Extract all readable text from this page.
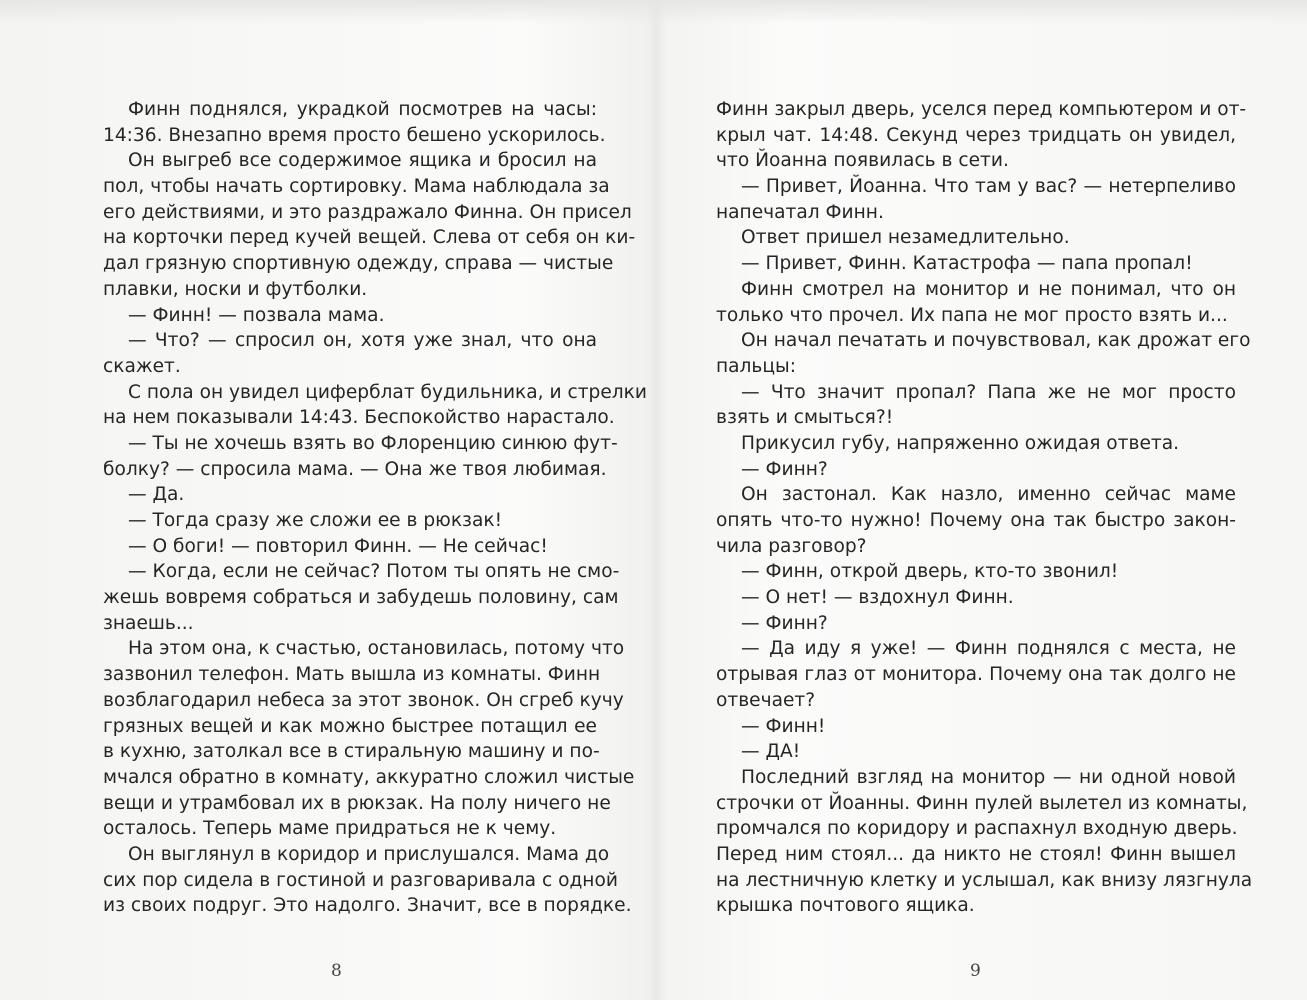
Финн поднялся, украдкой посмотрев на часы:
14:36. Внезапно время просто бешено ускорилось.
Он выгреб все содержимое ящика и бросил на
пол, чтобы начать сортировку. Мама наблюдала за
его действиями, и это раздражало Финна. Он присел
на корточки перед кучей вещей. Слева от себя он ки-
дал грязную спортивную одежду, справа — чистые
плавки, носки и футболки.
— Финн! — позвала мама.
— Что? — спросил он, хотя уже знал, что она
скажет.
С пола он увидел циферблат будильника, и стрелки
на нем показывали 14:43. Беспокойство нарастало.
— Ты не хочешь взять во Флоренцию синюю фут-
болку? — спросила мама. — Она же твоя любимая.
— Да.
— Тогда сразу же сложи ее в рюкзак!
— О боги! — повторил Финн. — Не сейчас!
— Когда, если не сейчас? Потом ты опять не смо-
жешь вовремя собраться и забудешь половину, сам
знаешь...
На этом она, к счастью, остановилась, потому что
зазвонил телефон. Мать вышла из комнаты. Финн
возблагодарил небеса за этот звонок. Он сгреб кучу
грязных вещей и как можно быстрее потащил ее
в кухню, затолкал все в стиральную машину и по-
мчался обратно в комнату, аккуратно сложил чистые
вещи и утрамбовал их в рюкзак. На полу ничего не
осталось. Теперь маме придраться не к чему.
Он выглянул в коридор и прислушался. Мама до
сих пор сидела в гостиной и разговаривала с одной
из своих подруг. Это надолго. Значит, все в порядке.
Финн закрыл дверь, уселся перед компьютером и от-
крыл чат. 14:48. Секунд через тридцать он увидел,
что Йоанна появилась в сети.
— Привет, Йоанна. Что там у вас? — нетерпеливо
напечатал Финн.
Ответ пришел незамедлительно.
— Привет, Финн. Катастрофа — папа пропал!
Финн смотрел на монитор и не понимал, что он
только что прочел. Их папа не мог просто взять и...
Он начал печатать и почувствовал, как дрожат его
пальцы:
— Что значит пропал? Папа же не мог просто
взять и смыться?!
Прикусил губу, напряженно ожидая ответа.
— Финн?
Он застонал. Как назло, именно сейчас маме
опять что-то нужно! Почему она так быстро закон-
чила разговор?
— Финн, открой дверь, кто-то звонил!
— О нет! — вздохнул Финн.
— Финн?
— Да иду я уже! — Финн поднялся с места, не
отрывая глаз от монитора. Почему она так долго не
отвечает?
— Финн!
— ДА!
Последний взгляд на монитор — ни одной новой
строчки от Йоанны. Финн пулей вылетел из комнаты,
промчался по коридору и распахнул входную дверь.
Перед ним стоял... да никто не стоял! Финн вышел
на лестничную клетку и услышал, как внизу лязгнула
крышка почтового ящика.
8	9
